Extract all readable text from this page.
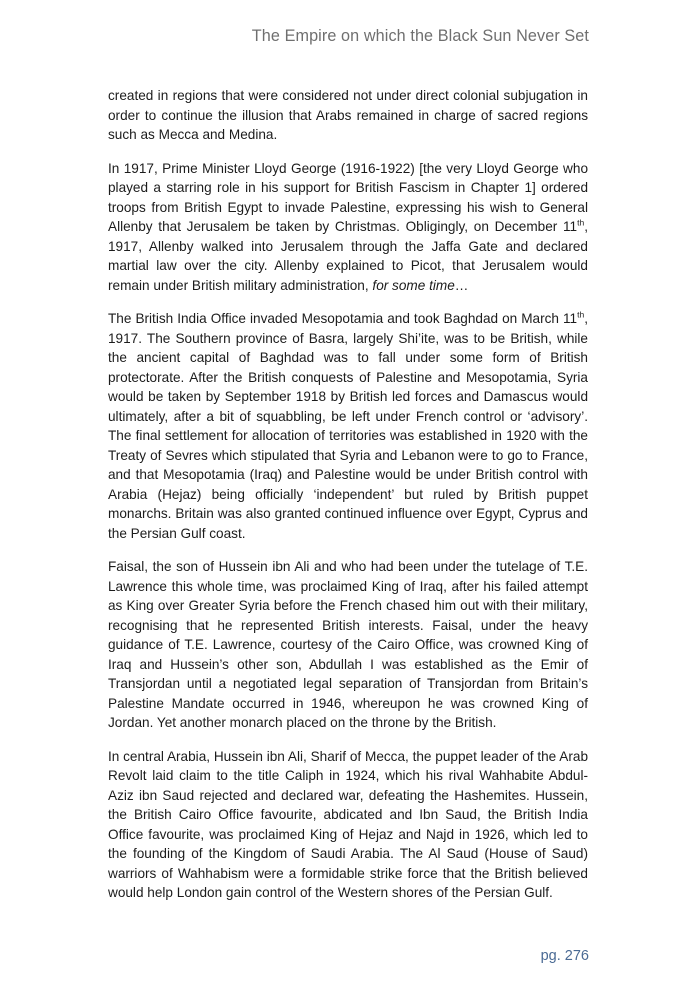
The Empire on which the Black Sun Never Set

created in regions that were considered not under direct colonial subjugation in order to continue the illusion that Arabs remained in charge of sacred regions such as Mecca and Medina.

In 1917, Prime Minister Lloyd George (1916-1922) [the very Lloyd George who played a starring role in his support for British Fascism in Chapter 1] ordered troops from British Egypt to invade Palestine, expressing his wish to General Allenby that Jerusalem be taken by Christmas. Obligingly, on December 11th, 1917, Allenby walked into Jerusalem through the Jaffa Gate and declared martial law over the city. Allenby explained to Picot, that Jerusalem would remain under British military administration, for some time…

The British India Office invaded Mesopotamia and took Baghdad on March 11th, 1917. The Southern province of Basra, largely Shi’ite, was to be British, while the ancient capital of Baghdad was to fall under some form of British protectorate. After the British conquests of Palestine and Mesopotamia, Syria would be taken by September 1918 by British led forces and Damascus would ultimately, after a bit of squabbling, be left under French control or ‘advisory’. The final settlement for allocation of territories was established in 1920 with the Treaty of Sevres which stipulated that Syria and Lebanon were to go to France, and that Mesopotamia (Iraq) and Palestine would be under British control with Arabia (Hejaz) being officially ‘independent’ but ruled by British puppet monarchs. Britain was also granted continued influence over Egypt, Cyprus and the Persian Gulf coast.

Faisal, the son of Hussein ibn Ali and who had been under the tutelage of T.E. Lawrence this whole time, was proclaimed King of Iraq, after his failed attempt as King over Greater Syria before the French chased him out with their military, recognising that he represented British interests. Faisal, under the heavy guidance of T.E. Lawrence, courtesy of the Cairo Office, was crowned King of Iraq and Hussein’s other son, Abdullah I was established as the Emir of Transjordan until a negotiated legal separation of Transjordan from Britain’s Palestine Mandate occurred in 1946, whereupon he was crowned King of Jordan. Yet another monarch placed on the throne by the British.

In central Arabia, Hussein ibn Ali, Sharif of Mecca, the puppet leader of the Arab Revolt laid claim to the title Caliph in 1924, which his rival Wahhabite Abdul-Aziz ibn Saud rejected and declared war, defeating the Hashemites. Hussein, the British Cairo Office favourite, abdicated and Ibn Saud, the British India Office favourite, was proclaimed King of Hejaz and Najd in 1926, which led to the founding of the Kingdom of Saudi Arabia. The Al Saud (House of Saud) warriors of Wahhabism were a formidable strike force that the British believed would help London gain control of the Western shores of the Persian Gulf.

pg. 276
